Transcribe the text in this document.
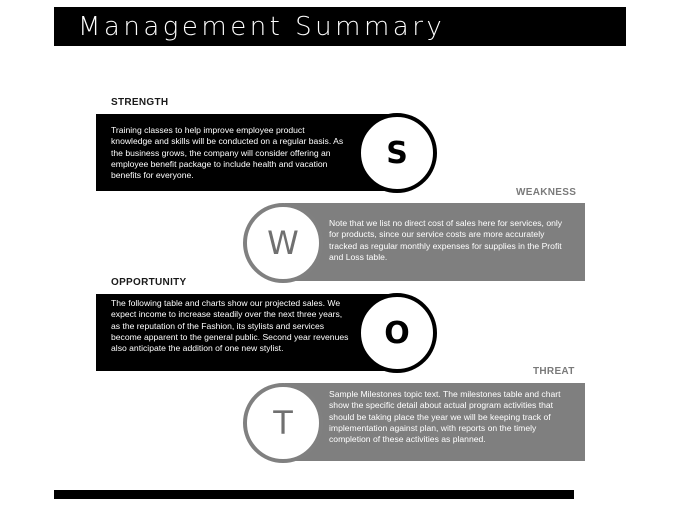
Management Summary
STRENGTH
Training classes to help improve employee product knowledge and skills will be conducted on a regular basis. As the business grows, the company will consider offering an employee benefit package to include health and vacation benefits for everyone.
S
WEAKNESS
Note that we list no direct cost of sales here for services, only for products, since our service costs are more accurately tracked as regular monthly expenses for supplies in the Profit and Loss table.
W
OPPORTUNITY
The following table and charts show our projected sales. We expect income to increase steadily over the next three years, as the reputation of the Fashion, its stylists and services become apparent to the general public. Second year revenues also anticipate the addition of one new stylist.	O
THREAT
Sample Milestones topic text. The milestones table and chart show the specific detail about actual program activities that should be taking place the year we will be keeping track of implementation against plan, with reports on the timely completion of these activities as planned.
T
